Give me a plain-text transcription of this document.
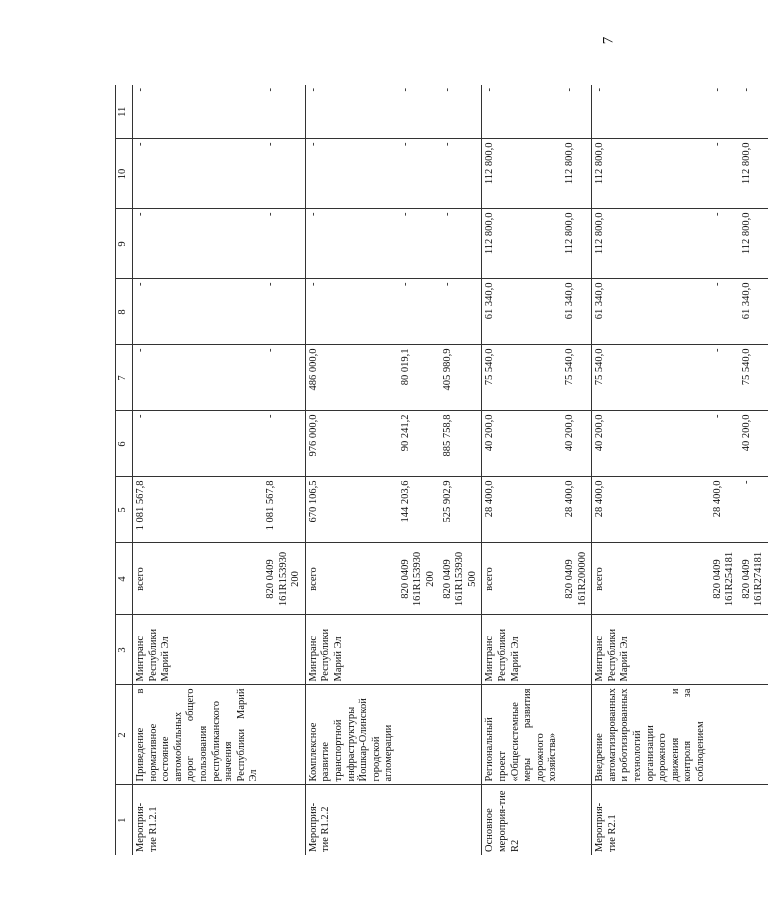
7
1	2	3	4	5	6	7	8	9	10	11
Мероприя-тие R1.2.1	Приведение в нормативное состояние автомобильных дорог общего пользования республиканского значения Республики Марий Эл	Минтранс Республики Марий Эл	всего	1 081 567,8	-	-	-	-	-	-
			820 0409 161R153930 200	1 081 567,8	-	-	-	-	-	-
Мероприя-тие R1.2.2	Комплексное развитие транспортной инфраструктуры Йошкар-Олинской городской агломерации	Минтранс Республики Марий Эл	всего	670 106,5	976 000,0	486 000,0	-	-	-	-
			820 0409 161R153930 200	144 203,6	90 241,2	80 019,1	-	-	-	-
			820 0409 161R153930 500	525 902,9	885 758,8	405 980,9	-	-	-	-
Основное мероприя-тие R2	Региональный проект «Общесистемные меры развития дорожного хозяйства»	Минтранс Республики Марий Эл	всего	28 400,0	40 200,0	75 540,0	61 340,0	112 800,0	112 800,0	-
			820 0409 161R200000	28 400,0	40 200,0	75 540,0	61 340,0	112 800,0	112 800,0	-
Мероприя-тие R2.1	Внедрение автоматизированных и роботизированных технологий организации дорожного движения и контроля за соблюдением	Минтранс Республики Марий Эл	всего	28 400,0	40 200,0	75 540,0	61 340,0	112 800,0	112 800,0	-
			820 0409 161R254181	28 400,0	-	-	-	-	-	-
			820 0409 161R274181	-	40 200,0	75 540,0	61 340,0	112 800,0	112 800,0	-
